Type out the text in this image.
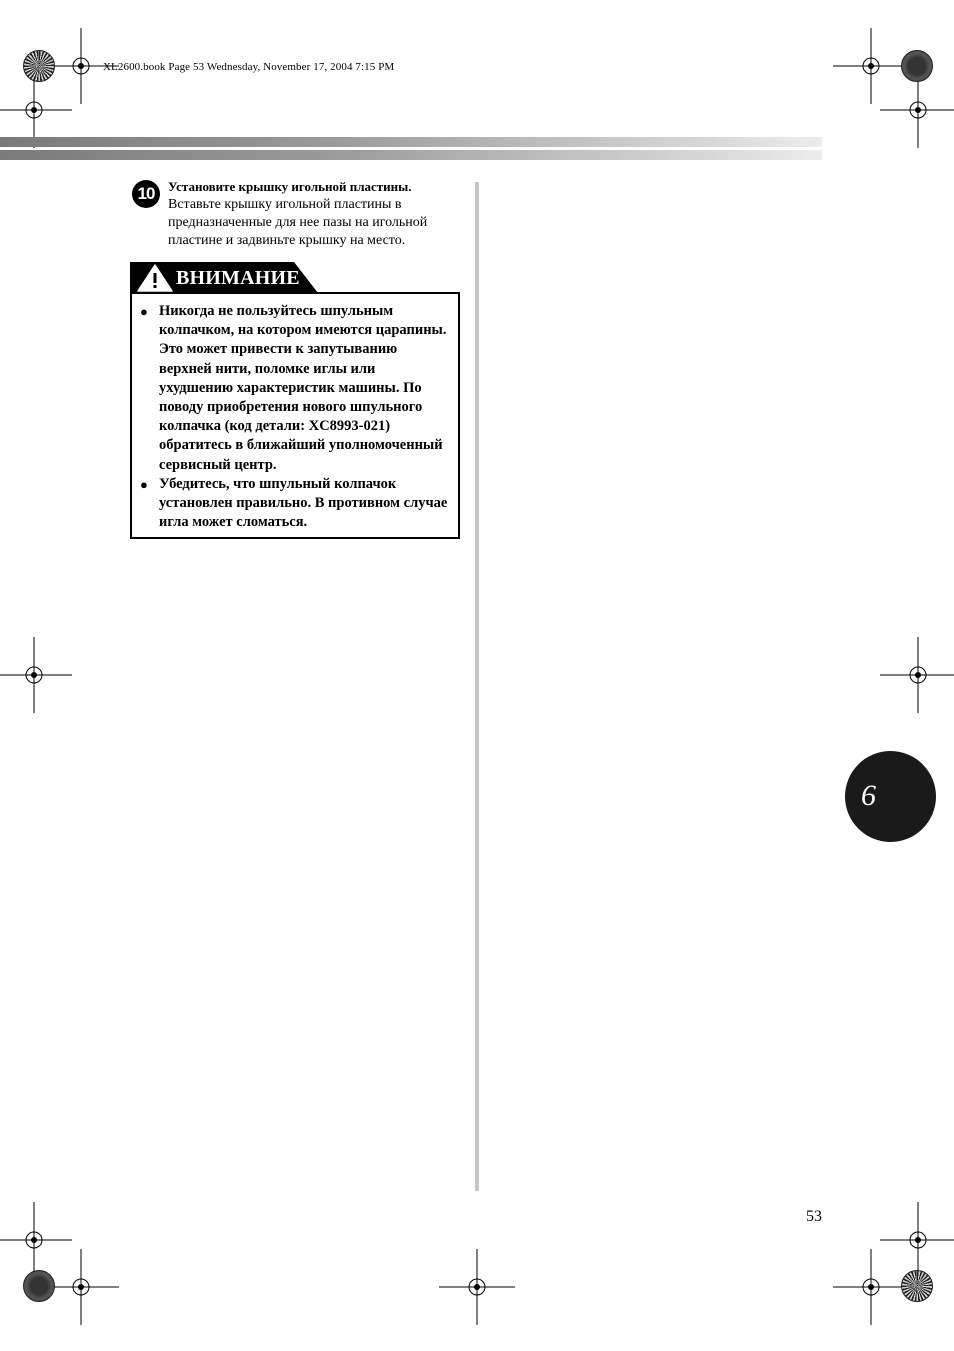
XL2600.book Page 53 Wednesday, November 17, 2004 7:15 PM
10	Установите крышку игольной пластины.
Вставьте крышку игольной пластины в предназначенные для нее пазы на игольной пластине и задвиньте крышку на место.
ВНИМАНИЕ
● Никогда не пользуйтесь шпульным колпачком, на котором имеются царапины. Это может привести к запутыванию верхней нити, поломке иглы или ухудшению характеристик машины. По поводу приобретения нового шпульного колпачка (код детали: XC8993-021) обратитесь в ближайший уполномоченный сервисный центр.
● Убедитесь, что шпульный колпачок установлен правильно. В противном случае игла может сломаться.
6
53
